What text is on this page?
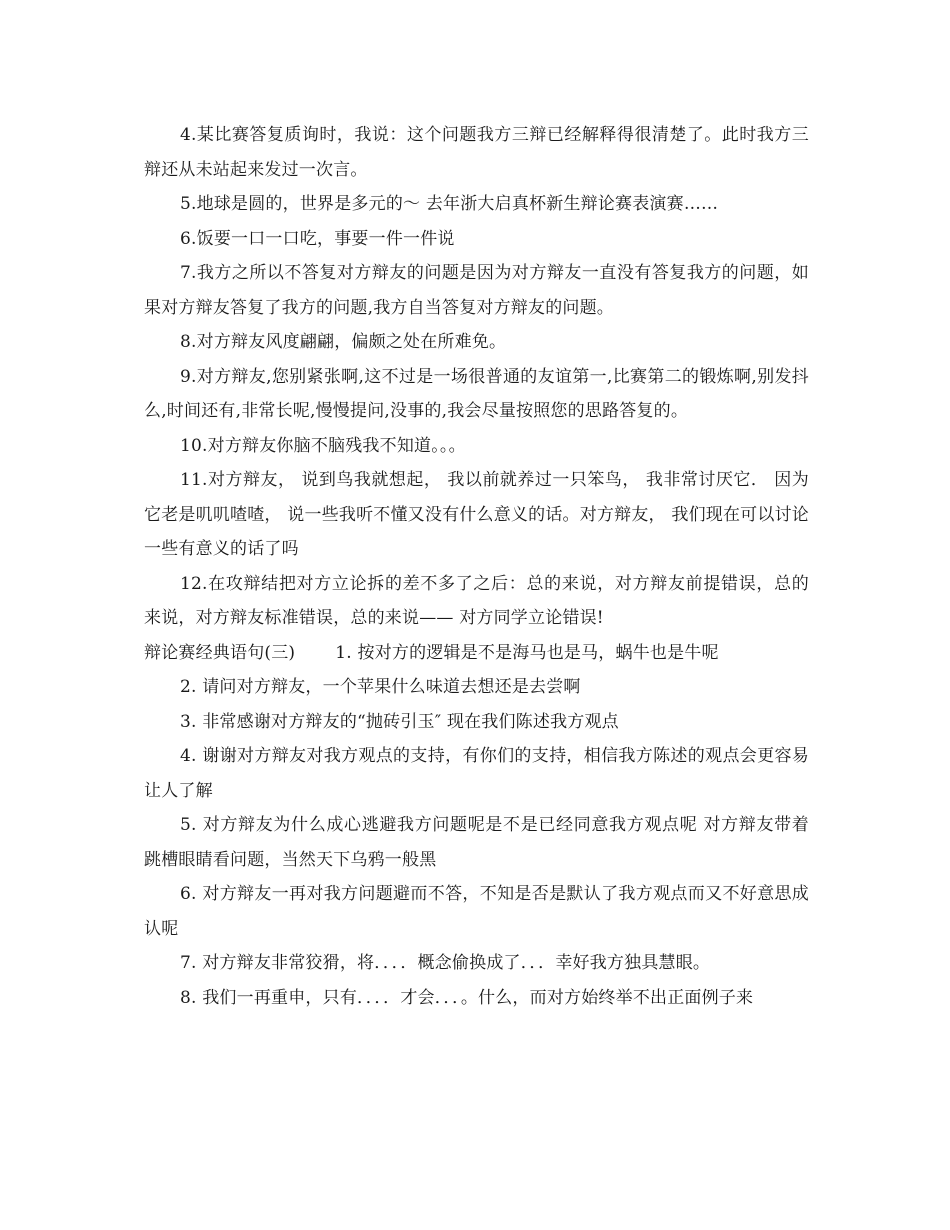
4.某比赛答复质询时，我说：这个问题我方三辩已经解释得很清楚了。此时我方三辩还从未站起来发过一次言。

5.地球是圆的，世界是多元的～ 去年浙大启真杯新生辩论赛表演赛……

6.饭要一口一口吃，事要一件一件说

7.我方之所以不答复对方辩友的问题是因为对方辩友一直没有答复我方的问题，如果对方辩友答复了我方的问题,我方自当答复对方辩友的问题。

8.对方辩友风度翩翩，偏颇之处在所难免。

9.对方辩友,您别紧张啊,这不过是一场很普通的友谊第一,比赛第二的锻炼啊,别发抖么,时间还有,非常长呢,慢慢提问,没事的,我会尽量按照您的思路答复的。

10.对方辩友你脑不脑残我不知道。。。

11.对方辩友， 说到鸟我就想起， 我以前就养过一只笨鸟， 我非常讨厌它． 因为它老是叽叽喳喳， 说一些我听不懂又没有什么意义的话。对方辩友， 我们现在可以讨论一些有意义的话了吗

12.在攻辩结把对方立论拆的差不多了之后：总的来说，对方辩友前提错误，总的来说，对方辩友标准错误，总的来说—— 对方同学立论错误!

辩论赛经典语句(三) 1. 按对方的逻辑是不是海马也是马，蜗牛也是牛呢

2. 请问对方辩友，一个苹果什么味道去想还是去尝啊

3. 非常感谢对方辩友的“抛砖引玉″ 现在我们陈述我方观点

4. 谢谢对方辩友对我方观点的支持，有你们的支持，相信我方陈述的观点会更容易让人了解

5. 对方辩友为什么成心逃避我方问题呢是不是已经同意我方观点呢 对方辩友带着跳槽眼睛看问题，当然天下乌鸦一般黑

6. 对方辩友一再对我方问题避而不答，不知是否是默认了我方观点而又不好意思成认呢

7. 对方辩友非常狡猾，将．．．．概念偷换成了．．．幸好我方独具慧眼。

8. 我们一再重申，只有．．．．才会．．．。什么，而对方始终举不出正面例子来
